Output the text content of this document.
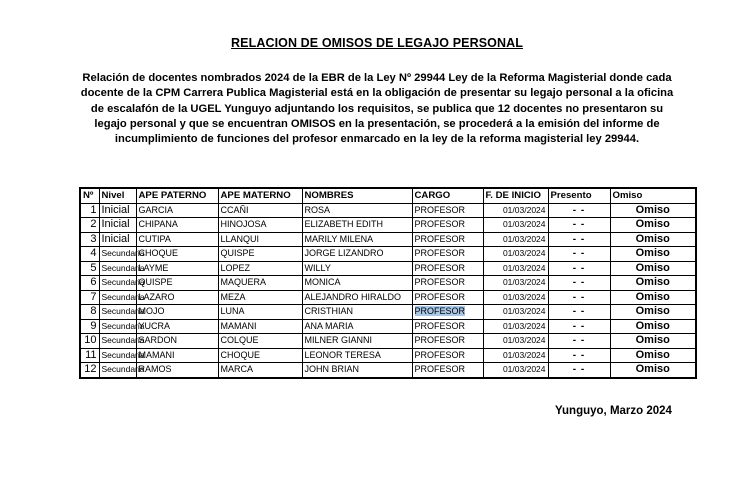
RELACION DE OMISOS DE LEGAJO PERSONAL
Relación de docentes nombrados 2024 de la EBR de la Ley Nº 29944 Ley de la Reforma Magisterial donde cada docente de la CPM Carrera Publica Magisterial está en la obligación de presentar su legajo personal a la oficina de escalafón de la UGEL Yunguyo adjuntando los requisitos, se publica que 12 docentes no presentaron su legajo personal y que se encuentran OMISOS en la presentación, se procederá a la emisión del informe de incumplimiento de funciones del profesor enmarcado en la ley de la reforma magisterial ley 29944.
Nº	Nivel	APE PATERNO	APE MATERNO	NOMBRES	CARGO	F. DE INICIO	Presento	Omiso
1	Inicial	GARCIA	CCAÑI	ROSA	PROFESOR	01/03/2024	- -	Omiso
2	Inicial	CHIPANA	HINOJOSA	ELIZABETH EDITH	PROFESOR	01/03/2024	- -	Omiso
3	Inicial	CUTIPA	LLANQUI	MARILY MILENA	PROFESOR	01/03/2024	- -	Omiso
4	Secundaria	CHOQUE	QUISPE	JORGE LIZANDRO	PROFESOR	01/03/2024	- -	Omiso
5	Secundaria	LAYME	LOPEZ	WILLY	PROFESOR	01/03/2024	- -	Omiso
6	Secundaria	QUISPE	MAQUERA	MONICA	PROFESOR	01/03/2024	- -	Omiso
7	Secundaria	LAZARO	MEZA	ALEJANDRO HIRALDO	PROFESOR	01/03/2024	- -	Omiso
8	Secundaria	MOJO	LUNA	CRISTHIAN	PROFESOR	01/03/2024	- -	Omiso
9	Secundaria	YUCRA	MAMANI	ANA MARIA	PROFESOR	01/03/2024	- -	Omiso
10	Secundaria	SARDON	COLQUE	MILNER GIANNI	PROFESOR	01/03/2024	- -	Omiso
11	Secundaria	MAMANI	CHOQUE	LEONOR TERESA	PROFESOR	01/03/2024	- -	Omiso
12	Secundaria	RAMOS	MARCA	JOHN BRIAN	PROFESOR	01/03/2024	- -	Omiso
Yunguyo, Marzo 2024
